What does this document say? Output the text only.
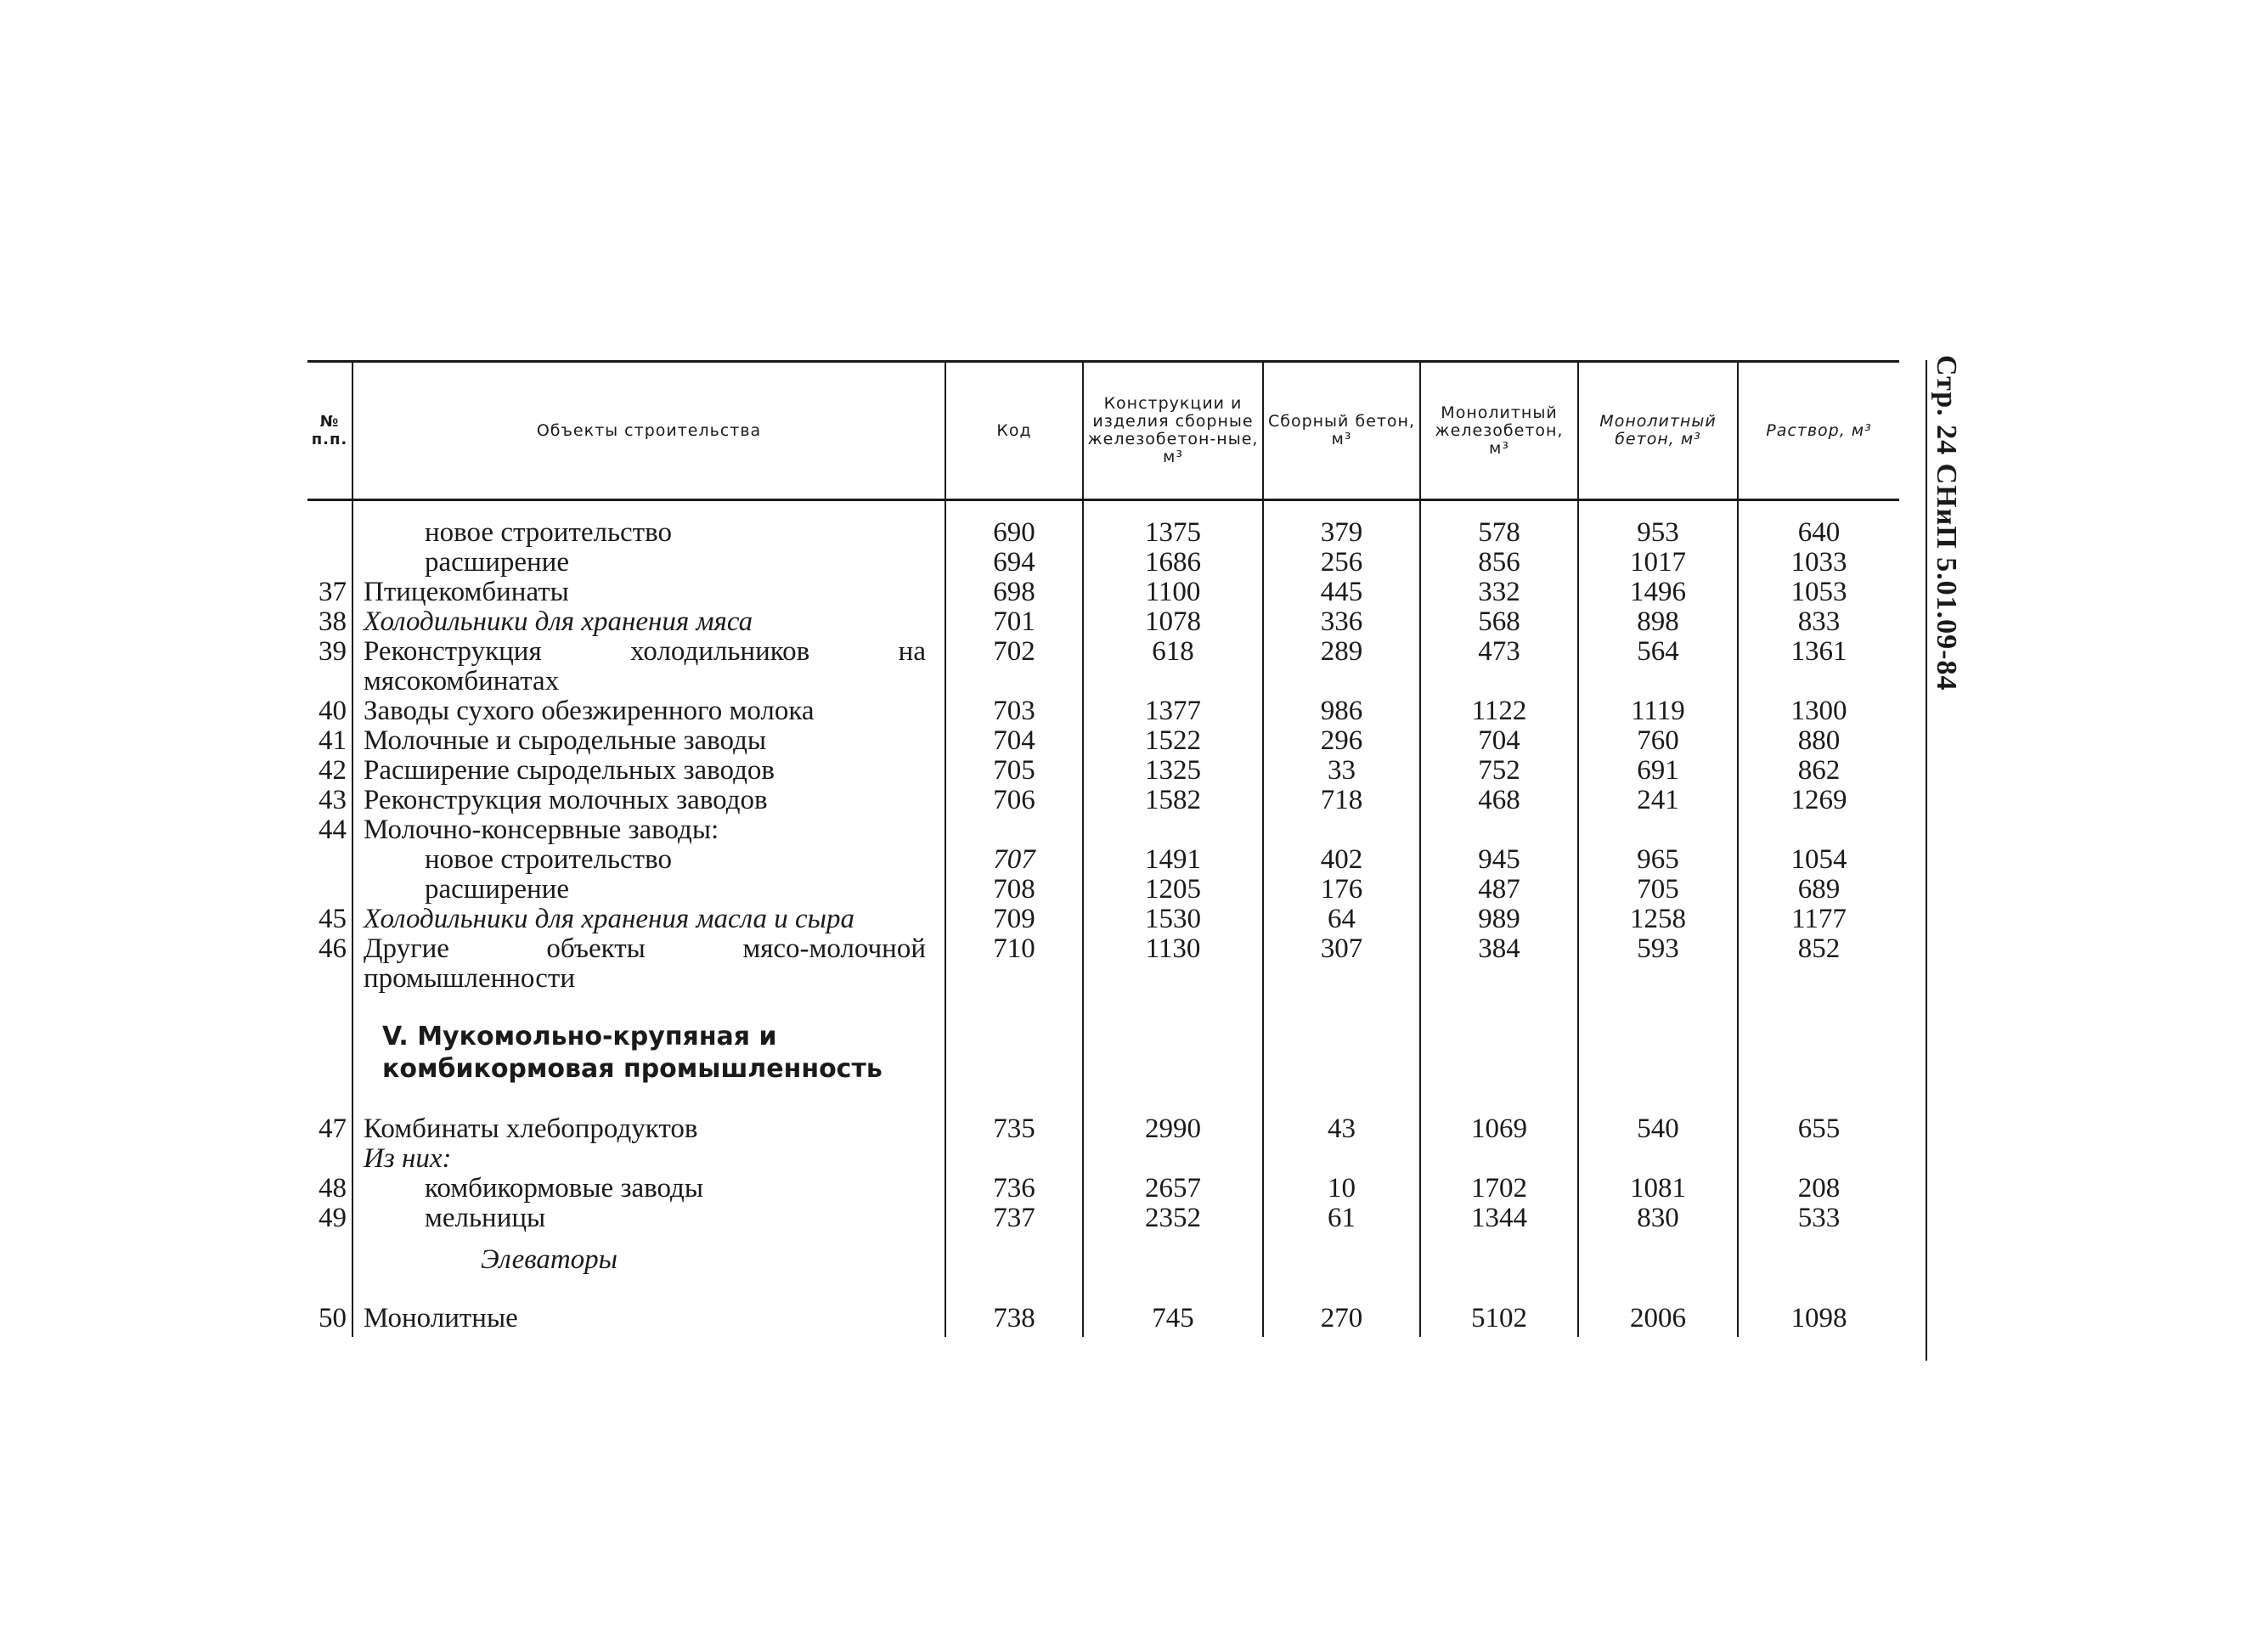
№ п.п.	Объекты строительства	Код	Конструкции и изделия сборные железобетон-ные, м³	Сборный бетон, м³	Монолитный железобетон, м³	Монолитный бетон, м³	Раствор, м³
	новое строительство	690	1375	379	578	953	640
	расширение	694	1686	256	856	1017	1033
37	Птицекомбинаты	698	1100	445	332	1496	1053
38	Холодильники для хранения мяса	701	1078	336	568	898	833
39	Реконструкция холодильников на мясокомбинатах	702	618	289	473	564	1361
40	Заводы сухого обезжиренного молока	703	1377	986	1122	1119	1300
41	Молочные и сыродельные заводы	704	1522	296	704	760	880
42	Расширение сыродельных заводов	705	1325	33	752	691	862
43	Реконструкция молочных заводов	706	1582	718	468	241	1269
44	Молочно-консервные заводы:						
	новое строительство	707	1491	402	945	965	1054
	расширение	708	1205	176	487	705	689
45	Холодильники для хранения масла и сыра	709	1530	64	989	1258	1177
46	Другие объекты мясо-молочной промышленности	710	1130	307	384	593	852
	V. Мукомольно-крупяная и комбикормовая промышленность						
47	Комбинаты хлебопродуктов	735	2990	43	1069	540	655
	Из них:						
48	комбикормовые заводы	736	2657	10	1702	1081	208
49	мельницы	737	2352	61	1344	830	533
	Элеваторы						
50	Монолитные	738	745	270	5102	2006	1098
Стр. 24 СНиП 5.01.09-84
